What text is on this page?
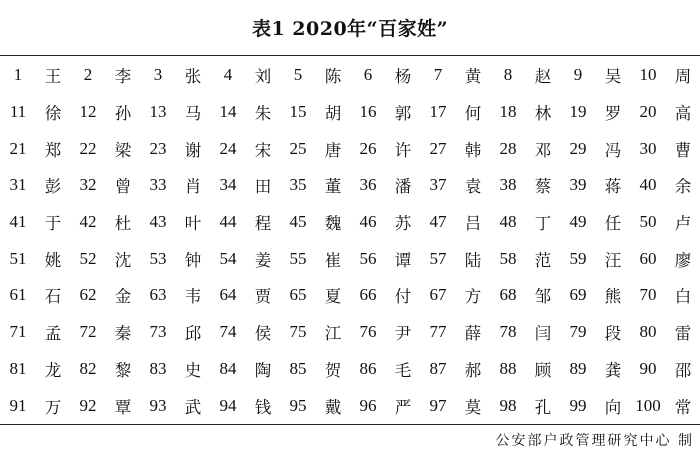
表1 2020年“百家姓”
1	王	2	李	3	张	4	刘	5	陈	6	杨	7	黄	8	赵	9	吴	10	周
11	徐	12	孙	13	马	14	朱	15	胡	16	郭	17	何	18	林	19	罗	20	高
21	郑	22	梁	23	谢	24	宋	25	唐	26	许	27	韩	28	邓	29	冯	30	曹
31	彭	32	曾	33	肖	34	田	35	董	36	潘	37	袁	38	蔡	39	蒋	40	余
41	于	42	杜	43	叶	44	程	45	魏	46	苏	47	吕	48	丁	49	任	50	卢
51	姚	52	沈	53	钟	54	姜	55	崔	56	谭	57	陆	58	范	59	汪	60	廖
61	石	62	金	63	韦	64	贾	65	夏	66	付	67	方	68	邹	69	熊	70	白
71	孟	72	秦	73	邱	74	侯	75	江	76	尹	77	薛	78	闫	79	段	80	雷
81	龙	82	黎	83	史	84	陶	85	贺	86	毛	87	郝	88	顾	89	龚	90	邵
91	万	92	覃	93	武	94	钱	95	戴	96	严	97	莫	98	孔	99	向	100	常
公安部户政管理研究中心 制
